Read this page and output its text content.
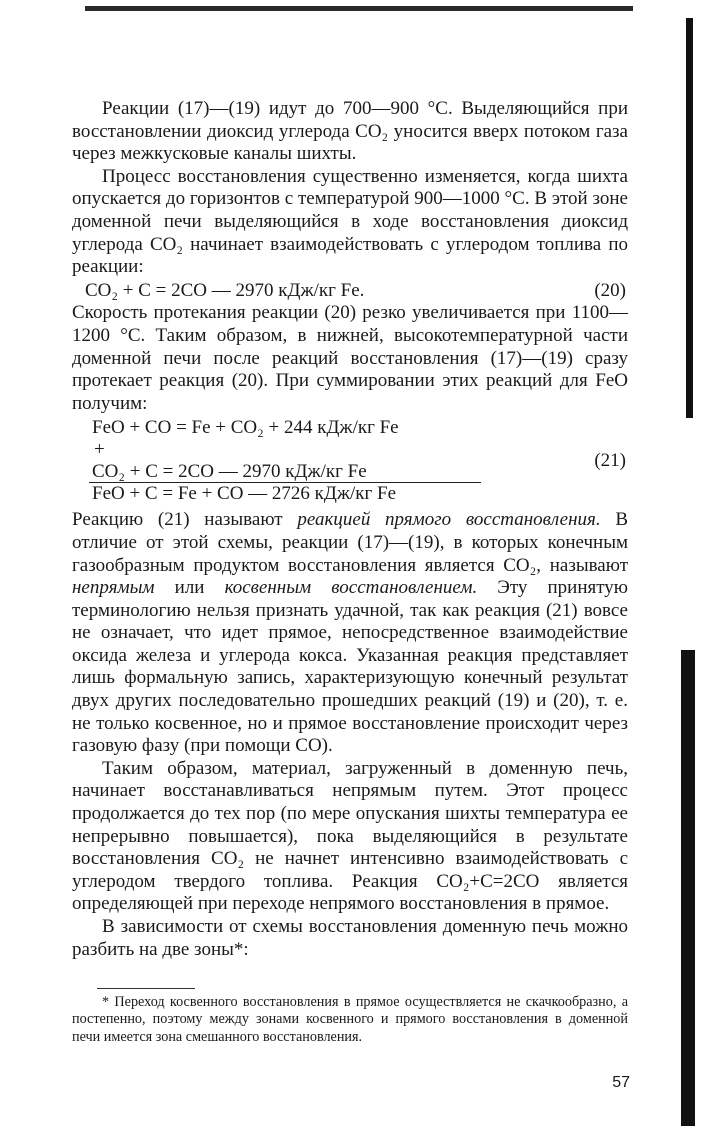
Реакции (17)—(19) идут до 700—900 °С. Выделяющийся при восстановлении диоксид углерода CO₂ уносится вверх потоком газа через межкусковые каналы шихты.

Процесс восстановления существенно изменяется, когда шихта опускается до горизонтов с температурой 900—1000 °С. В этой зоне доменной печи выделяющийся в ходе восстановления диоксид углерода CO₂ начинает взаимодействовать с углеродом топлива по реакции:

CO₂ + C = 2CO — 2970 кДж/кг Fe.	(20)

Скорость протекания реакции (20) резко увеличивается при 1100—1200 °С. Таким образом, в нижней, высокотемпературной части доменной печи после реакций восстановления (17)—(19) сразу протекает реакция (20). При суммировании этих реакций для FeO получим:

FeO + CO = Fe + CO₂ + 244 кДж/кг Fe
+
CO₂ + C = 2CO — 2970 кДж/кг Fe
FeO + C = Fe + CO — 2726 кДж/кг Fe
(21)

Реакцию (21) называют реакцией прямого восстановления. В отличие от этой схемы, реакции (17)—(19), в которых конечным газообразным продуктом восстановления является CO₂, называют непрямым или косвенным восстановлением. Эту принятую терминологию нельзя признать удачной, так как реакция (21) вовсе не означает, что идет прямое, непосредственное взаимодействие оксида железа и углерода кокса. Указанная реакция представляет лишь формальную запись, характеризующую конечный результат двух других последовательно прошедших реакций (19) и (20), т. е. не только косвенное, но и прямое восстановление происходит через газовую фазу (при помощи CO).

Таким образом, материал, загруженный в доменную печь, начинает восстанавливаться непрямым путем. Этот процесс продолжается до тех пор (по мере опускания шихты температура ее непрерывно повышается), пока выделяющийся в результате восстановления CO₂ не начнет интенсивно взаимодействовать с углеродом твердого топлива. Реакция CO₂+C=2CO является определяющей при переходе непрямого восстановления в прямое.

В зависимости от схемы восстановления доменную печь можно разбить на две зоны*:

* Переход косвенного восстановления в прямое осуществляется не скачкообразно, а постепенно, поэтому между зонами косвенного и прямого восстановления в доменной печи имеется зона смешанного восстановления.
57
